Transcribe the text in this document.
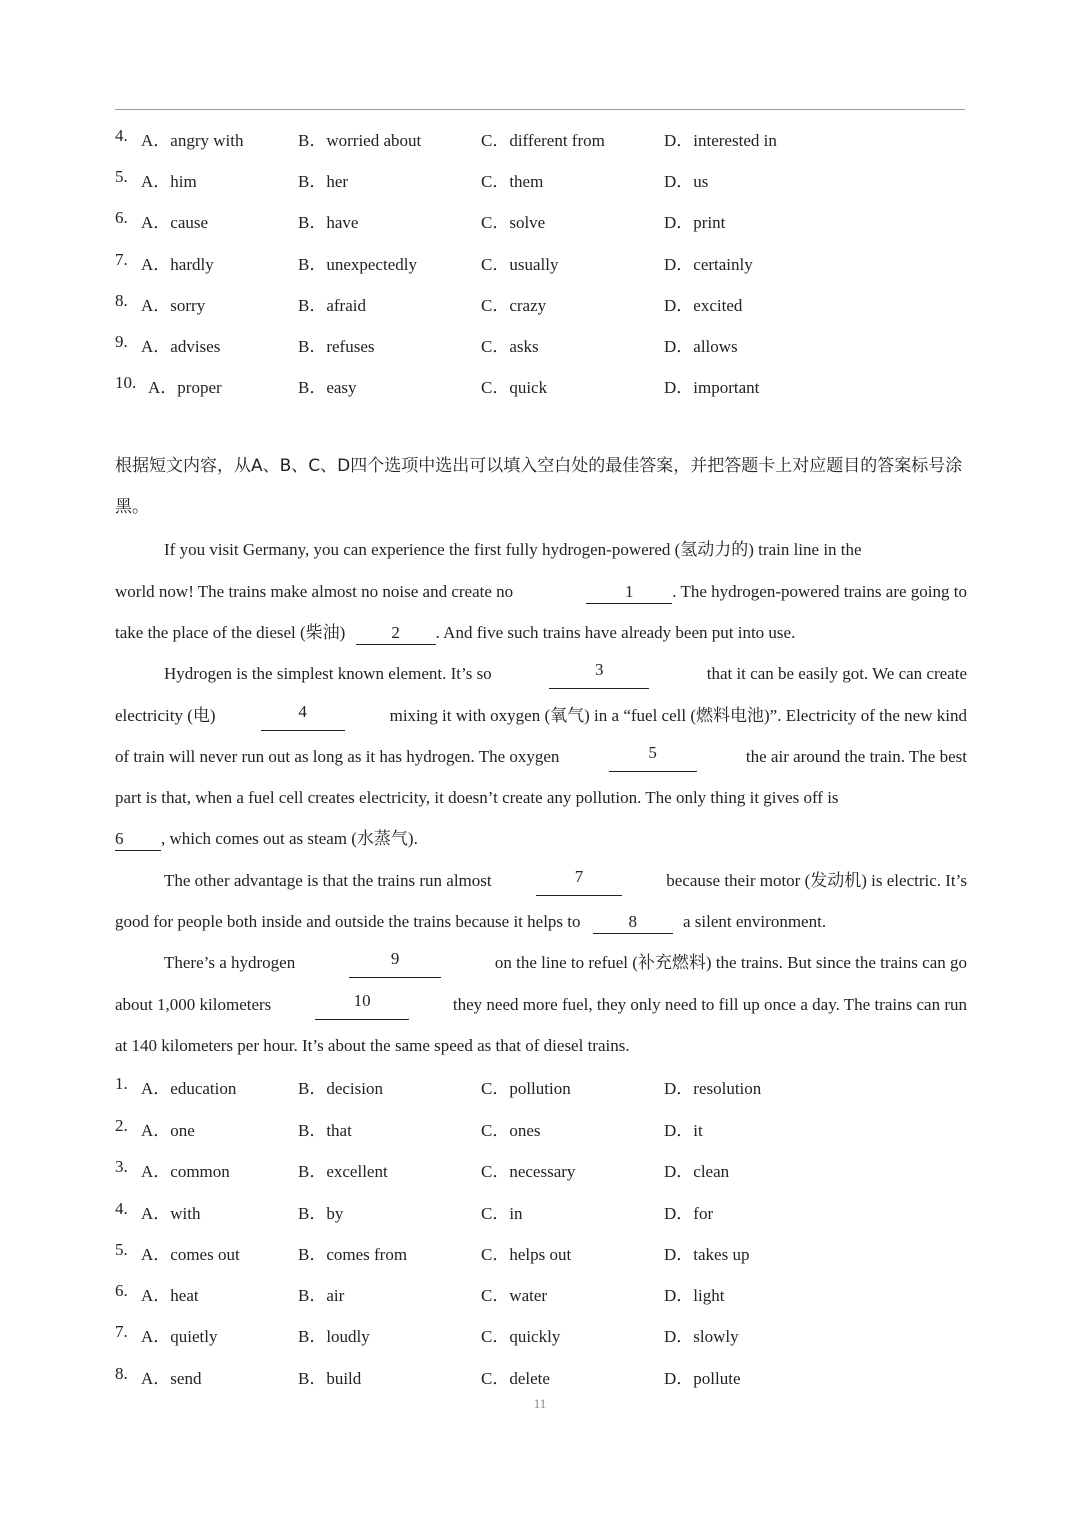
4. A．angry with	B．worried about	C．different from	D．interested in
5. A．him	B．her	C．them	D．us
6. A．cause	B．have	C．solve	D．print
7. A．hardly	B．unexpectedly	C．usually	D．certainly
8. A．sorry	B．afraid	C．crazy	D．excited
9. A．advises	B．refuses	C．asks	D．allows
10. A．proper	B．easy	C．quick	D．important
根据短文内容，从A、B、C、D四个选项中选出可以填入空白处的最佳答案，并把答题卡上对应题目的答案标号涂黑。
If you visit Germany, you can experience the first fully hydrogen-powered (氢动力的) train line in the
world now! The trains make almost no noise and create no	1 . The hydrogen-powered trains are going to
take the place of the diesel (柴油)	2 . And five such trains have already been put into use.
Hydrogen is the simplest known element. It’s so	3	that it can be easily got. We can create
electricity (电)	4	mixing it with oxygen (氧气) in a “fuel cell (燃料电池)”. Electricity of the new kind
of train will never run out as long as it has hydrogen. The oxygen	5	the air around the train. The best
part is that, when a fuel cell creates electricity, it doesn’t create any pollution. The only thing it gives off is
6 , which comes out as steam (水蒸气).
The other advantage is that the trains run almost	7	because their motor (发动机) is electric. It’s
good for people both inside and outside the trains because it helps to	8	a silent environment.
There’s a hydrogen	9	on the line to refuel (补充燃料) the trains. But since the trains can go
about 1,000 kilometers	10	they need more fuel, they only need to fill up once a day. The trains can run
at 140 kilometers per hour. It’s about the same speed as that of diesel trains.
1. A．education	B．decision	C．pollution	D．resolution
2. A．one	B．that	C．ones	D．it
3. A．common	B．excellent	C．necessary	D．clean
4. A．with	B．by	C．in	D．for
5. A．comes out	B．comes from	C．helps out	D．takes up
6. A．heat	B．air	C．water	D．light
7. A．quietly	B．loudly	C．quickly	D．slowly
8. A．send	B．build	C．delete	D．pollute
11
